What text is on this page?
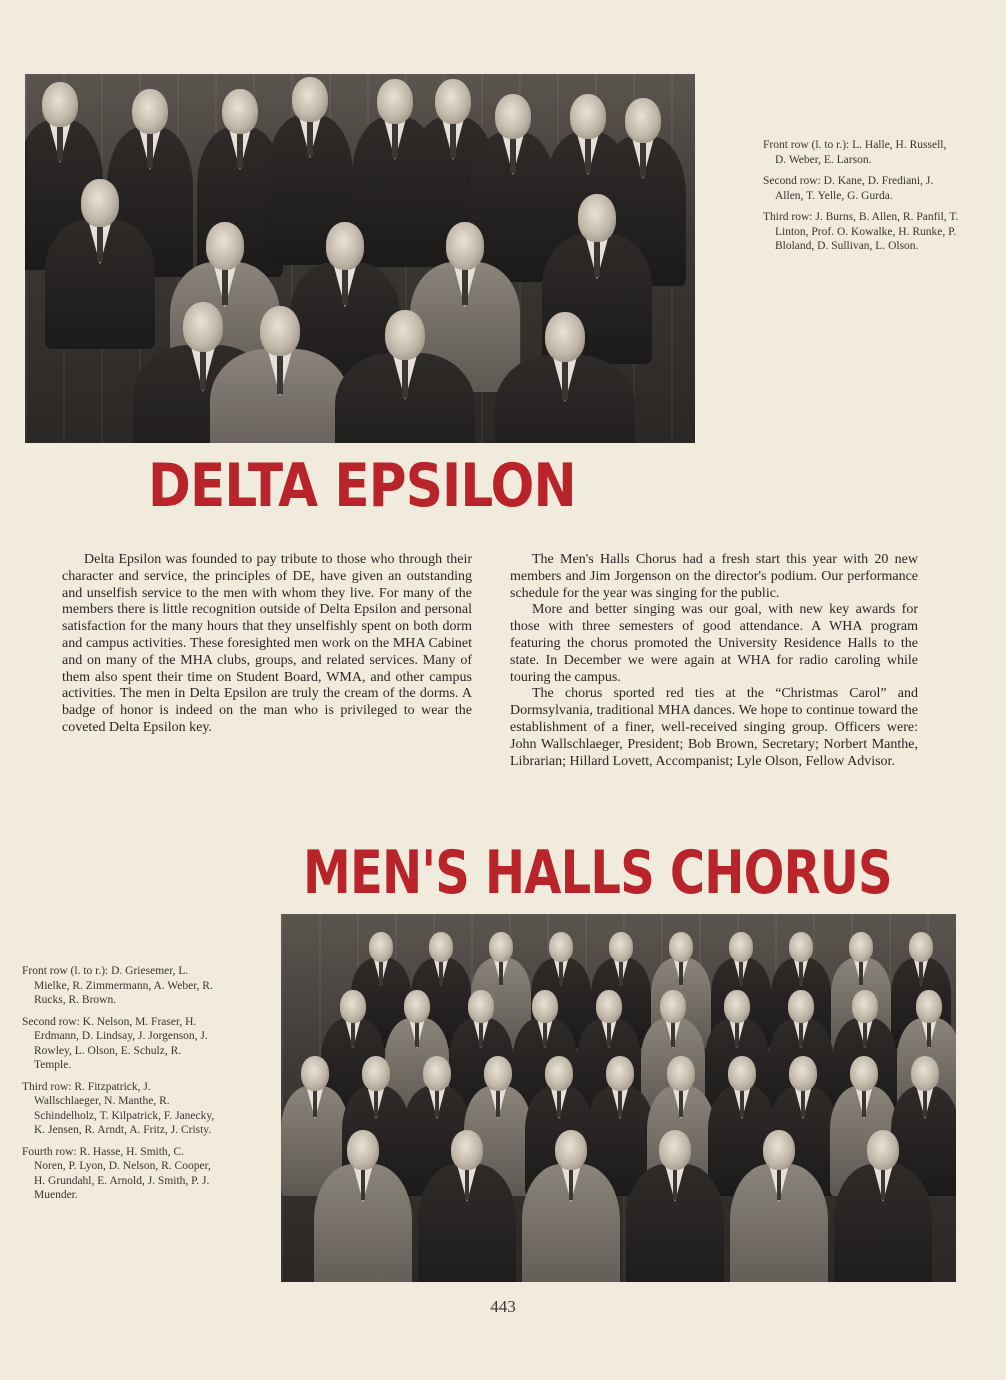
Front row (l. to r.): L. Halle, H. Russell, D. Weber, E. Larson.

Second row: D. Kane, D. Frediani, J. Allen, T. Yelle, G. Gurda.

Third row: J. Burns, B. Allen, R. Panfil, T. Linton, Prof. O. Kowalke, H. Runke, P. Bloland, D. Sullivan, L. Olson.

DELTA EPSILON

Delta Epsilon was founded to pay tribute to those who through their character and service, the principles of DE, have given an outstanding and unselfish service to the men with whom they live. For many of the members there is little recognition outside of Delta Epsilon and personal satisfaction for the many hours that they unselfishly spent on both dorm and campus activities. These foresighted men work on the MHA Cabinet and on many of the MHA clubs, groups, and related services. Many of them also spent their time on Student Board, WMA, and other campus activities. The men in Delta Epsilon are truly the cream of the dorms. A badge of honor is indeed on the man who is privileged to wear the coveted Delta Epsilon key.

The Men's Halls Chorus had a fresh start this year with 20 new members and Jim Jorgenson on the director's podium. Our performance schedule for the year was singing for the public.

More and better singing was our goal, with new key awards for those with three semesters of good attendance. A WHA program featuring the chorus promoted the University Residence Halls to the state. In December we were again at WHA for radio caroling while touring the campus.

The chorus sported red ties at the “Christmas Carol” and Dormsylvania, traditional MHA dances. We hope to continue toward the establishment of a finer, well-received singing group. Officers were: John Wallschlaeger, President; Bob Brown, Secretary; Norbert Manthe, Librarian; Hillard Lovett, Accompanist; Lyle Olson, Fellow Advisor.

MEN'S HALLS CHORUS

Front row (l. to r.): D. Griesemer, L. Mielke, R. Zimmermann, A. Weber, R. Rucks, R. Brown.

Second row: K. Nelson, M. Fraser, H. Erdmann, D. Lindsay, J. Jorgenson, J. Rowley, L. Olson, E. Schulz, R. Temple.

Third row: R. Fitzpatrick, J. Wallschlaeger, N. Manthe, R. Schindelholz, T. Kilpatrick, F. Janecky, K. Jensen, R. Arndt, A. Fritz, J. Cristy.

Fourth row: R. Hasse, H. Smith, C. Noren, P. Lyon, D. Nelson, R. Cooper, H. Grundahl, E. Arnold, J. Smith, P. J. Muender.

443
